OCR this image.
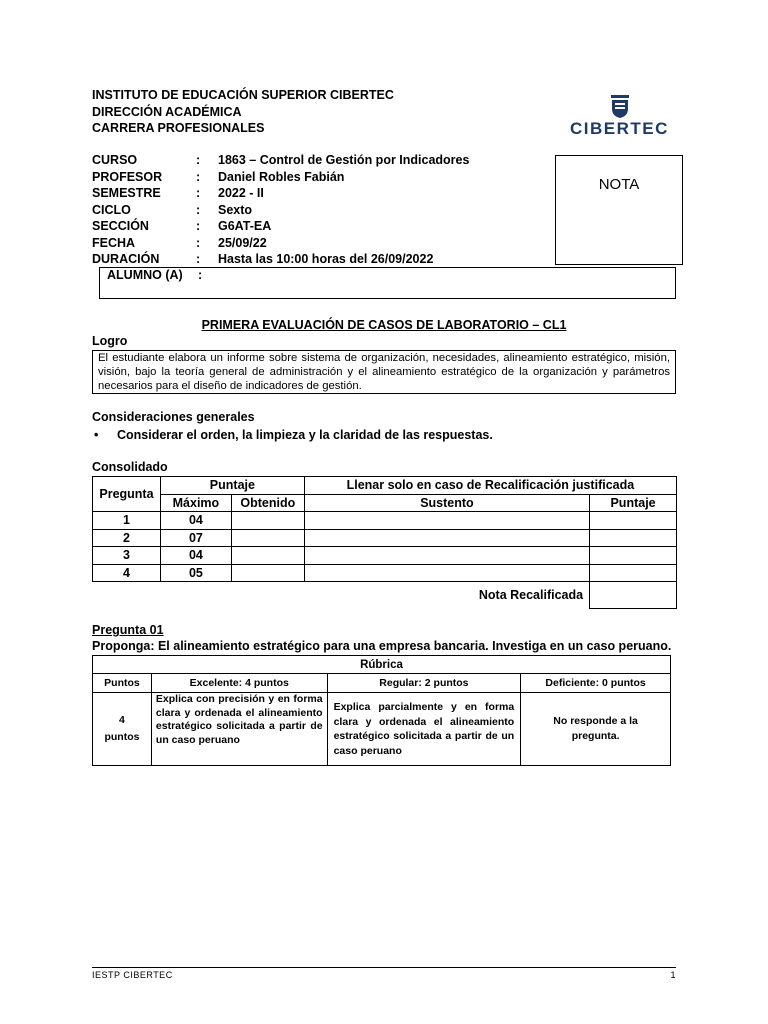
INSTITUTO DE EDUCACIÓN SUPERIOR CIBERTEC
DIRECCIÓN ACADÉMICA
CARRERA PROFESIONALES	CIBERTEC
CURSO	:	1863 – Control de Gestión por Indicadores
PROFESOR	:	Daniel Robles Fabián
SEMESTRE	:	2022 - II
CICLO	:	Sexto
SECCIÓN	:	G6AT-EA
FECHA	:	25/09/22
DURACIÓN	:	Hasta las 10:00 horas del 26/09/2022
NOTA
ALUMNO (A) :
PRIMERA EVALUACIÓN DE CASOS DE LABORATORIO – CL1
Logro
El estudiante elabora un informe sobre sistema de organización, necesidades, alineamiento estratégico, misión, visión, bajo la teoría general de administración y el alineamiento estratégico de la organización y parámetros necesarios para el diseño de indicadores de gestión.
Consideraciones generales
• Considerar el orden, la limpieza y la claridad de las respuestas.
Consolidado
Pregunta	Puntaje		Llenar solo en caso de Recalificación justificada	
	Máximo	Obtenido	Sustento	Puntaje
1	04			
2	07			
3	04			
4	05			
Nota Recalificada				
Pregunta 01
Proponga: El alineamiento estratégico para una empresa bancaria. Investiga en un caso peruano.
Rúbrica			
Puntos	Excelente: 4 puntos	Regular: 2 puntos	Deficiente: 0 puntos
4
puntos	Explica con precisión y en forma clara y ordenada el alineamiento estratégico solicitada a partir de un caso peruano	Explica parcialmente y en forma clara y ordenada el alineamiento estratégico solicitada a partir de un caso peruano	No responde a la pregunta.
IESTP CIBERTEC	1
